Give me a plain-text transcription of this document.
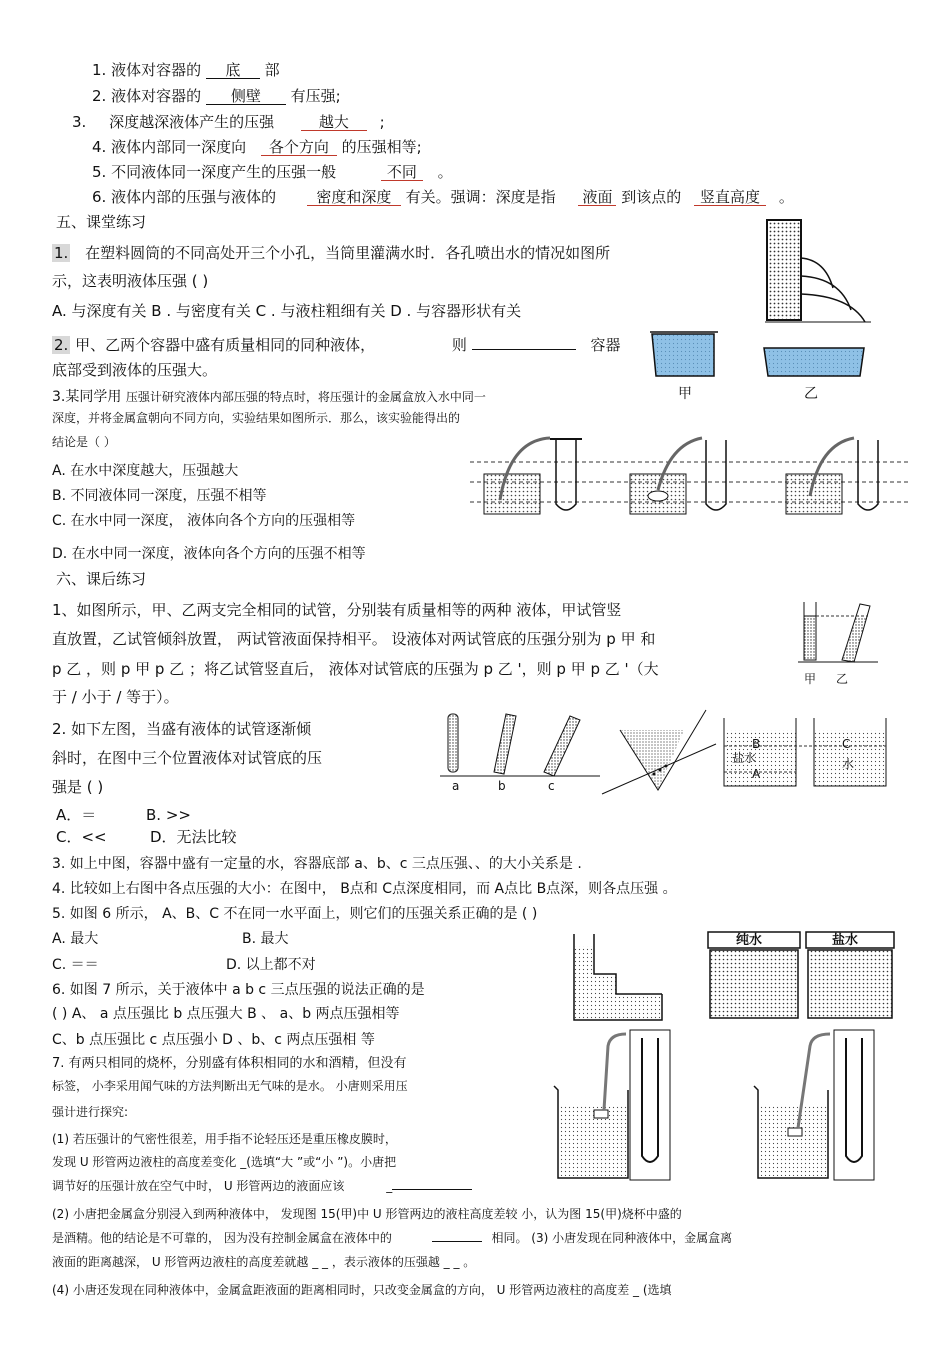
1. 液体对容器的 底 部
2. 液体对容器的 侧壁 有压强;
3. 深度越深液体产生的压强	越大 ;
4. 液体内部同一深度向 各个方向 的压强相等;
5. 不同液体同一深度产生的压强一般	不同 。
6. 液体内部的压强与液体的	密度和深度 有关。强调：深度是指 液面 到该点的 竖直高度 。
五、课堂练习
1. 在塑料圆筒的不同高处开三个小孔，当筒里灌满水时．各孔喷出水的情况如图所
示，这表明液体压强 ( )
A. 与深度有关 B . 与密度有关 C . 与液柱粗细有关 D . 与容器形状有关
2. 甲、乙两个容器中盛有质量相同的同种液体，	则	容器
底部受到液体的压强大。
3.某同学用 压强计研究液体内部压强的特点时，将压强计的金属盒放入水中同一
深度，并将金属盒朝向不同方向，实验结果如图所示．那么，该实验能得出的
结论是（ ）
A. 在水中深度越大，压强越大
B. 不同液体同一深度，压强不相等
C. 在水中同一深度， 液体向各个方向的压强相等
D. 在水中同一深度，液体向各个方向的压强不相等
六、课后练习
1、如图所示，甲、乙两支完全相同的试管，分别装有质量相等的两种 液体，甲试管竖
直放置，乙试管倾斜放置， 两试管液面保持相平。 设液体对两试管底的压强分别为 p 甲 和
p 乙 ，则 p 甲 p 乙 ；将乙试管竖直后， 液体对试管底的压强为 p 乙 '，则 p 甲 p 乙 '（大
于 / 小于 / 等于）。
2. 如下左图，当盛有液体的试管逐渐倾
斜时，在图中三个位置液体对试管底的压
强是 ( )
A．＝	B. >>
C．<<	D．无法比较
3. 如上中图，容器中盛有一定量的水，容器底部 a、b、c 三点压强、、的大小关系是 .
4. 比较如上右图中各点压强的大小：在图中， B点和 C点深度相同，而 A点比 B点深，则各点压强 。
5. 如图 6 所示， A、B、C 不在同一水平面上，则它们的压强关系正确的是 ( )
A. 最大	B. 最大
C. ＝＝	D. 以上都不对
6. 如图 7 所示，关于液体中 a b c 三点压强的说法正确的是
( ) A、 a 点压强比 b 点压强大 B 、 a、b 两点压强相等
C、b 点压强比 c 点压强小 D 、b、c 两点压强相 等
7. 有两只相同的烧杯，分别盛有体积相同的水和酒精，但没有
标签， 小李采用闻气味的方法判断出无气味的是水。 小唐则采用压
强计进行探究:
(1) 若压强计的气密性很差，用手指不论轻压还是重压橡皮膜时，
发现 U 形管两边液柱的高度差变化 _(选填“大 ”或“小 ”)。小唐把
调节好的压强计放在空气中时， U 形管两边的液面应该	_
(2) 小唐把金属盒分别浸入到两种液体中， 发现图 15(甲)中 U 形管两边的液柱高度差较 小，认为图 15(甲)烧杯中盛的
是酒精。他的结论是不可靠的， 因为没有控制金属盒在液体中的	相同。 (3) 小唐发现在同种液体中，金属盒离
液面的距离越深， U 形管两边液柱的高度差就越 _ _ ，表示液体的压强越 _ _ 。
(4) 小唐还发现在同种液体中，金属盒距液面的距离相同时，只改变金属盒的方向， U 形管两边液柱的高度差 _ (选填
甲	乙
甲 乙
a	b	c
B
盐水
A
C
水
纯水	盐水
